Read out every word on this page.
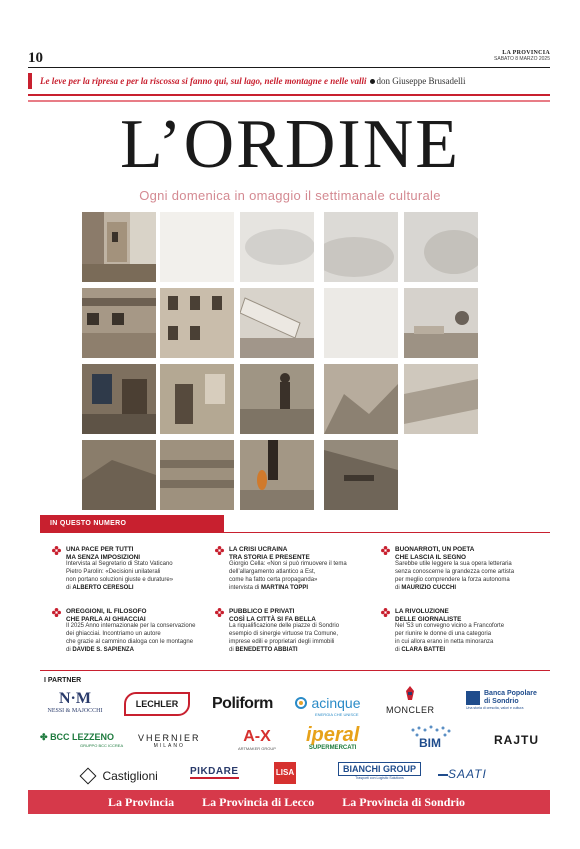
10	LA PROVINCIA
SABATO 8 MARZO 2025
Le leve per la ripresa e per la riscossa si fanno qui, sul lago, nelle montagne e nelle valli don Giuseppe Brusadelli
L’ORDINE
Ogni domenica in omaggio il settimanale culturale
IN QUESTO NUMERO
UNA PACE PER TUTTI
MA SENZA IMPOSIZIONI
Intervista al Segretario di Stato Vaticano
Pietro Parolin: «Decisioni unilaterali
non portano soluzioni giuste e durature»
di ALBERTO CERESOLI
LA CRISI UCRAINA
TRA STORIA E PRESENTE
Giorgio Cella: «Non si può rimuovere il tema
dell’allargamento atlantico a Est,
come ha fatto certa propaganda»
intervista di MARTINA TOPPI
BUONARROTI, UN POETA
CHE LASCIA IL SEGNO
Sarebbe utile leggere la sua opera letteraria
senza conoscerne la grandezza come artista
per meglio comprendere la forza autonoma
di MAURIZIO CUCCHI
OREGGIONI, IL FILOSOFO
CHE PARLA AI GHIACCIAI
Il 2025 Anno internazionale per la conservazione
dei ghiacciai. Incontriamo un autore
che grazie al cammino dialoga con le montagne
di DAVIDE S. SAPIENZA
PUBBLICO E PRIVATI
COSÌ LA CITTÀ SI FA BELLA
La riqualificazione delle piazze di Sondrio
esempio di sinergie virtuose tra Comune,
imprese edili e proprietari degli immobili
di BENEDETTO ABBIATI
LA RIVOLUZIONE
DELLE GIORNALISTE
Nel ’53 un convegno vicino a Francoforte
per riunire le donne di una categoria
in cui allora erano in netta minoranza
di CLARA BATTEI
I PARTNER
N·M
NESSI & MAJOCCHI
LECHLER	Poliform	acinque
ENERGIA CHE UNISCE	MONCLER
Banca Popolare
di Sondrio
Una storia di crescita, valori e cultura
✤ BCC LEZZENO
GRUPPO BCC ICCREA
VHERNIER
MILANO
A-X
ARTMAKER GROUP
iperal
SUPERMERCATI	BIM	RAJTU
Castiglioni	PIKDARE	LISA	BIANCHI GROUP
Trasporti con Logistic Solutions	SAATI
La Provincia La Provincia di Lecco La Provincia di Sondrio
